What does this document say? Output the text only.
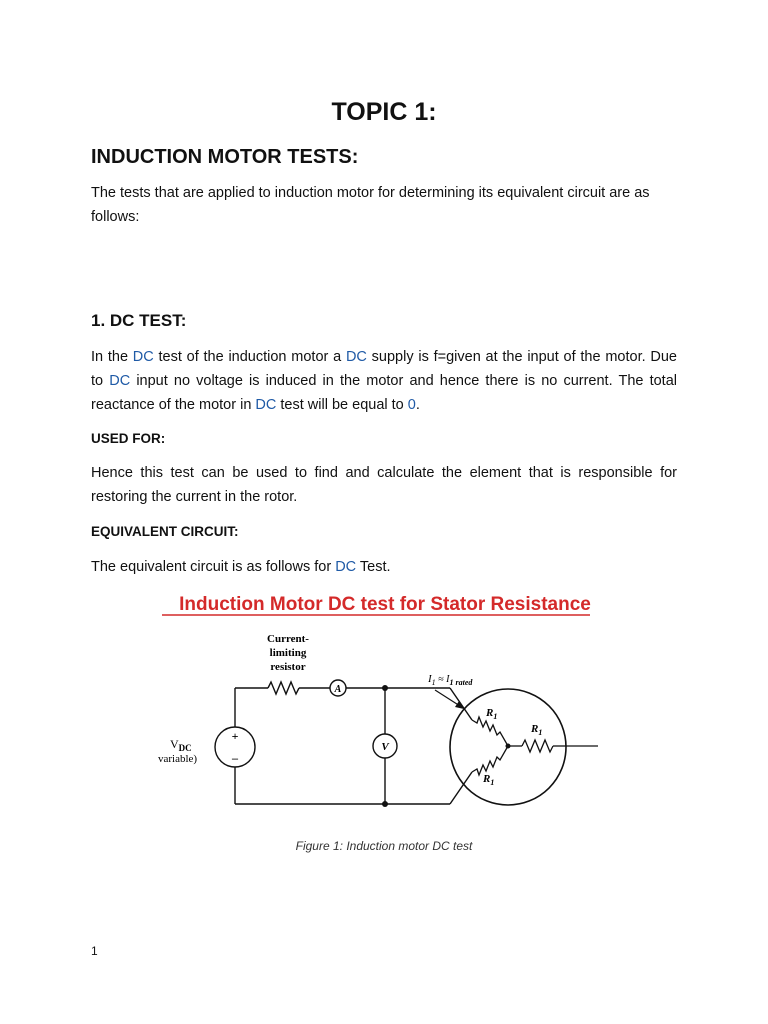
TOPIC 1:
INDUCTION MOTOR TESTS:
The tests that are applied to induction motor for determining its equivalent circuit are as follows:
1. DC TEST:
In the DC test of the induction motor a DC supply is f=given at the input of the motor. Due to DC input no voltage is induced in the motor and hence there is no current. The total reactance of the motor in DC test will be equal to 0.
USED FOR:
Hence this test can be used to find and calculate the element that is responsible for restoring the current in the rotor.
EQUIVALENT CIRCUIT:
The equivalent circuit is as follows for DC Test.
Induction Motor DC test for Stator Resistance
Current-
limiting
resistor
A
V
+
–
$V_{DC}$
variable)
$I_1 \approx I_{1 rated}$
$R_1$
$R_1$
$R_1$
Figure 1: Induction motor DC test
1
